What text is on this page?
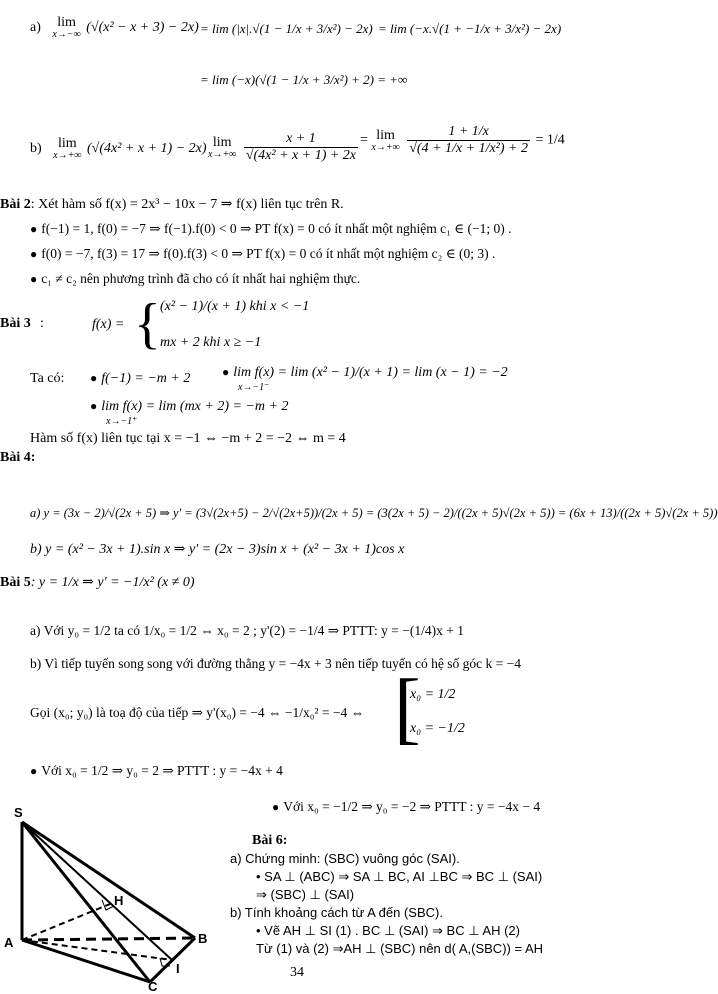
a)	lim
x→−∞ (√(x² − x + 3) − 2x) = lim (|x|.√(1 − 1/x + 3/x²) − 2x) = lim (−x.√(1 + −1/x + 3/x²) − 2x)
= lim (−x)(√(1 − 1/x + 3/x²) + 2) = +∞
b)	lim
x→+∞ (√(4x² + x + 1) − 2x) lim
x→+∞
$\frac{x + 1}{\text{√(4x² + x + 1) + 2x}} = \lim$
x→+∞
$\frac{1 + 1/x}{\text{√(4 + 1/x + 1/x²) + 2}} = 1/4$
Bài 2: Xét hàm số f(x) = 2x³ − 10x − 7 ⇒ f(x) liên tục trên R.
● f(−1) = 1, f(0) = −7 ⇒ f(−1).f(0) < 0 ⇒ PT f(x) = 0 có ít nhất một nghiệm c₁ ∈ (−1; 0) .
● f(0) = −7, f(3) = 17 ⇒ f(0).f(3) < 0 ⇒ PT f(x) = 0 có ít nhất một nghiệm c₂ ∈ (0; 3) .
● c₁ ≠ c₂ nên phương trình đã cho có ít nhất hai nghiệm thực.
Bài 3 :	f(x) = { (x² − 1)/(x + 1) khi x < −1
mx + 2 khi x ≥ −1
Ta có: ● f(−1) = −m + 2	● lim f(x) = lim (x² − 1)/(x + 1) = lim (x − 1) = −2
x→−1⁻
● lim f(x) = lim (mx + 2) = −m + 2
x→−1⁺
Hàm số f(x) liên tục tại x = −1 ⇔ −m + 2 = −2 ⇔ m = 4
Bài 4:
a) y = (3x − 2)/√(2x + 5) ⇒ y' = (3√(2x+5) − 2/√(2x+5))/(2x + 5) = (3(2x + 5) − 2)/((2x + 5)√(2x + 5)) = (6x + 13)/((2x + 5)√(2x + 5))
b) y = (x² − 3x + 1).sin x ⇒ y' = (2x − 3)sin x + (x² − 3x + 1)cos x
Bài 5: y = 1/x ⇒ y' = −1/x² (x ≠ 0)
a) Với y₀ = 1/2 ta có 1/x₀ = 1/2 ⇔ x₀ = 2 ; y'(2) = −1/4 ⇒ PTTT: y = −(1/4)x + 1
b) Vì tiếp tuyến song song với đường thẳng y = −4x + 3 nên tiếp tuyến có hệ số góc k = −4
Gọi (x₀; y₀) là toạ độ của tiếp ⇒ y'(x₀) = −4 ⇔ −1/x₀² = −4 ⇔ [
x₀ = 1/2
x₀ = −1/2
● Với x₀ = 1/2 ⇒ y₀ = 2 ⇒ PTTT : y = −4x + 4
● Với x₀ = −1/2 ⇒ y₀ = −2 ⇒ PTTT : y = −4x − 4
S
H
A	B
I
C
Bài 6:
a) Chứng minh: (SBC) vuông góc (SAI).
• SA ⊥ (ABC) ⇒ SA ⊥ BC, AI ⊥BC ⇒ BC ⊥ (SAI)
⇒ (SBC) ⊥ (SAI)
b) Tính khoảng cách từ A đến (SBC).
• Vẽ AH ⊥ SI (1) . BC ⊥ (SAI) ⇒ BC ⊥ AH (2)
Từ (1) và (2) ⇒AH ⊥ (SBC) nên d( A,(SBC)) = AH
34
